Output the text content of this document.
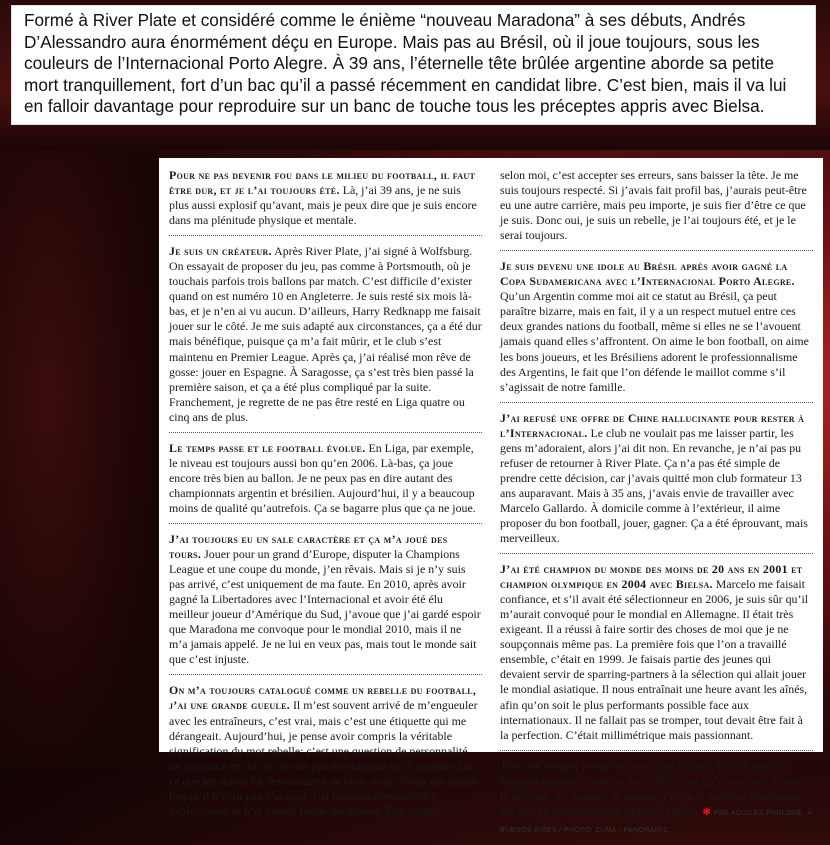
Formé à River Plate et considéré comme le énième “nouveau Maradona” à ses débuts, Andrés D’Alessandro aura énormément déçu en Europe. Mais pas au Brésil, où il joue toujours, sous les couleurs de l’Internacional Porto Alegre. À 39 ans, l’éternelle tête brûlée argentine aborde sa petite mort tranquillement, fort d’un bac qu’il a passé récemment en candidat libre. C’est bien, mais il va lui en falloir davantage pour reproduire sur un banc de touche tous les préceptes appris avec Bielsa.

Pour ne pas devenir fou dans le milieu du football, il faut être dur, et je l’ai toujours été. Là, j’ai 39 ans, je ne suis plus aussi explosif qu’avant, mais je peux dire que je suis encore dans ma plénitude physique et mentale.
Je suis un créateur. Après River Plate, j’ai signé à Wolfsburg. On essayait de proposer du jeu, pas comme à Portsmouth, où je touchais parfois trois ballons par match. C’est difficile d’exister quand on est numéro 10 en Angleterre. Je suis resté six mois là-bas, et je n’en ai vu aucun. D’ailleurs, Harry Redknapp me faisait jouer sur le côté. Je me suis adapté aux circonstances, ça a été dur mais bénéfique, puisque ça m’a fait mûrir, et le club s’est maintenu en Premier League. Après ça, j’ai réalisé mon rêve de gosse: jouer en Espagne. À Saragosse, ça s’est très bien passé la première saison, et ça a été plus compliqué par la suite. Franchement, je regrette de ne pas être resté en Liga quatre ou cinq ans de plus.
Le temps passe et le football évolue. En Liga, par exemple, le niveau est toujours aussi bon qu’en 2006. Là-bas, ça joue encore très bien au ballon. Je ne peux pas en dire autant des championnats argentin et brésilien. Aujourd’hui, il y a beaucoup moins de qualité qu’autrefois. Ça se bagarre plus que ça ne joue.
J’ai toujours eu un sale caractère et ça m’a joué des tours. Jouer pour un grand d’Europe, disputer la Champions League et une coupe du monde, j’en rêvais. Mais si je n’y suis pas arrivé, c’est uniquement de ma faute. En 2010, après avoir gagné la Libertadores avec l’Internacional et avoir été élu meilleur joueur d’Amérique du Sud, j’avoue que j’ai gardé espoir que Maradona me convoque pour le mondial 2010, mais il ne m’a jamais appelé. Je ne lui en veux pas, mais tout le monde sait que c’est injuste.
On m’a toujours catalogué comme un rebelle du football, j’ai une grande gueule. Il m’est souvent arrivé de m’engueuler avec les entraîneurs, c’est vrai, mais c’est une étiquette qui me dérangeait. Aujourd’hui, je pense avoir compris la véritable signification du mot rebelle: c’est une question de personnalité, de croyance en soi. Je ne suis pas un imbécile qui a toujours fait ce que les autres lui demandaient de faire, et qui disait oui même lorsqu’il n’était pas d’accord. J’ai toujours demandé des explications, je n’ai jamais fermé ma gueule. Être rebelle,
selon moi, c’est accepter ses erreurs, sans baisser la tête. Je me suis toujours respecté. Si j’avais fait profil bas, j’aurais peut-être eu une autre carrière, mais peu importe, je suis fier d’être ce que je suis. Donc oui, je suis un rebelle, je l’ai toujours été, et je le serai toujours.
Je suis devenu une idole au Brésil après avoir gagné la Copa Sudamericana avec l’Internacional Porto Alegre. Qu’un Argentin comme moi ait ce statut au Brésil, ça peut paraître bizarre, mais en fait, il y a un respect mutuel entre ces deux grandes nations du football, même si elles ne se l’avouent jamais quand elles s’affrontent. On aime le bon football, on aime les bons joueurs, et les Brésiliens adorent le professionnalisme des Argentins, le fait que l’on défende le maillot comme s’il s’agissait de notre famille.
J’ai refusé une offre de Chine hallucinante pour rester à l’Internacional. Le club ne voulait pas me laisser partir, les gens m’adoraient, alors j’ai dit non. En revanche, je n’ai pas pu refuser de retourner à River Plate. Ça n’a pas été simple de prendre cette décision, car j’avais quitté mon club formateur 13 ans auparavant. Mais à 35 ans, j’avais envie de travailler avec Marcelo Gallardo. À domicile comme à l’extérieur, il aime proposer du bon football, jouer, gagner. Ça a été éprouvant, mais merveilleux.
J’ai été champion du monde des moins de 20 ans en 2001 et champion olympique en 2004 avec Bielsa. Marcelo me faisait confiance, et s’il avait été sélectionneur en 2006, je suis sûr qu’il m’aurait convoqué pour le mondial en Allemagne. Il était très exigeant. Il a réussi à faire sortir des choses de moi que je ne soupçonnais même pas. La première fois que l’on a travaillé ensemble, c’était en 1999. Je faisais partie des jeunes qui devaient servir de sparring-partners à la sélection qui allait jouer le mondial asiatique. Il nous entraînait une heure avant les aînés, afin qu’on soit le plus performants possible face aux internationaux. Il ne fallait pas se tromper, tout devait être fait à la perfection. C’était millimétrique mais passionnant.
J’ai une vision: je suis sûr que dans le futur, je vais pouvoir apporter quelque chose au football en tant qu’entraîneur. J’aime la tactique, les joueurs, et surtout, j’ai eu le meilleur professeur qui soit en la personne de Marcelo Bielsa. ✱ PAR AQUILES FURLONE, À BUENOS AIRES / PHOTO: ZUMA / PANORAMIC
